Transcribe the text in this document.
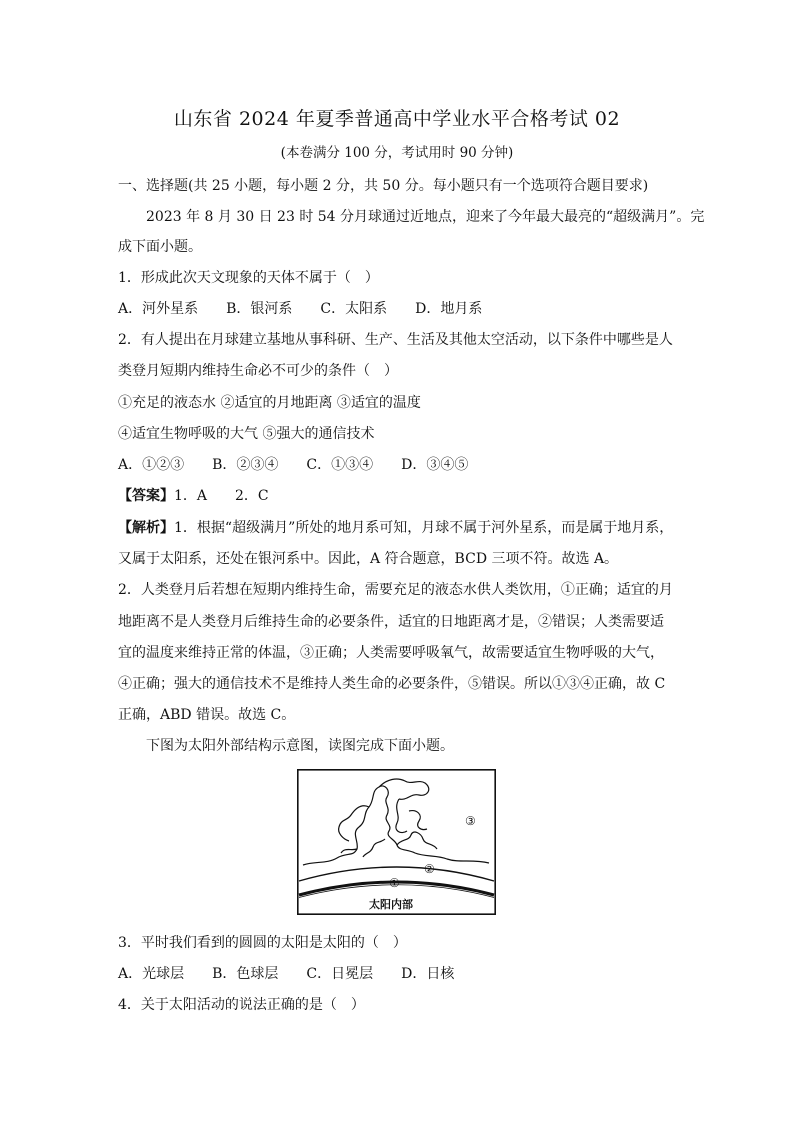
山东省 2024 年夏季普通高中学业水平合格考试 02
(本卷满分 100 分，考试用时 90 分钟)
一、选择题(共 25 小题，每小题 2 分，共 50 分。每小题只有一个选项符合题目要求)
2023 年 8 月 30 日 23 时 54 分月球通过近地点，迎来了今年最大最亮的“超级满月”。完
成下面小题。
1．形成此次天文现象的天体不属于（　）
A．河外星系　　B．银河系　　C．太阳系　　D．地月系
2．有人提出在月球建立基地从事科研、生产、生活及其他太空活动，以下条件中哪些是人
类登月短期内维持生命必不可少的条件（　）
①充足的液态水 ②适宜的月地距离 ③适宜的温度
④适宜生物呼吸的大气 ⑤强大的通信技术
A．①②③　　B．②③④　　C．①③④　　D．③④⑤
【答案】1．A　　2．C
【解析】1．根据“超级满月”所处的地月系可知，月球不属于河外星系，而是属于地月系，
又属于太阳系，还处在银河系中。因此，A 符合题意，BCD 三项不符。故选 A。
2．人类登月后若想在短期内维持生命，需要充足的液态水供人类饮用，①正确；适宜的月
地距离不是人类登月后维持生命的必要条件，适宜的日地距离才是，②错误；人类需要适
宜的温度来维持正常的体温，③正确；人类需要呼吸氧气，故需要适宜生物呼吸的大气，
④正确；强大的通信技术不是维持人类生命的必要条件，⑤错误。所以①③④正确，故 C
正确，ABD 错误。故选 C。
下图为太阳外部结构示意图，读图完成下面小题。
①
②
③
太阳内部
3．平时我们看到的圆圆的太阳是太阳的（　）
A．光球层　　B．色球层　　C．日冕层　　D．日核
4．关于太阳活动的说法正确的是（　）
